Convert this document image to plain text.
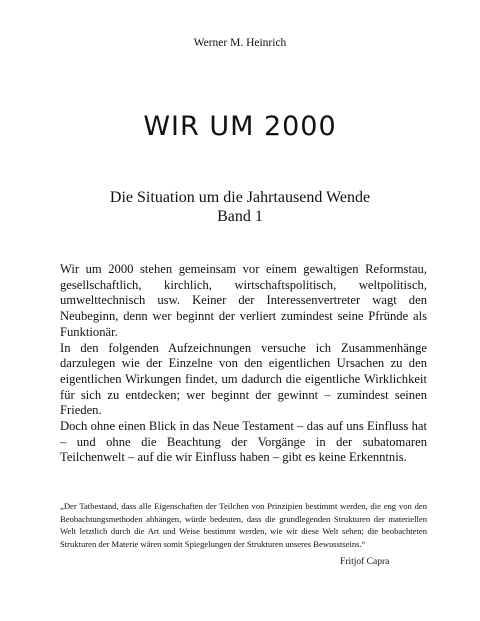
Werner M. Heinrich
WIR UM 2000
Die Situation um die Jahrtausend Wende
Band 1

Wir um 2000 stehen gemeinsam vor einem gewaltigen Reformstau, gesellschaftlich, kirchlich, wirtschaftspolitisch, weltpolitisch, umwelttechnisch usw. Keiner der Interessenvertreter wagt den Neubeginn, denn wer beginnt der verliert zumindest seine Pfründe als Funktionär.

In den folgenden Aufzeichnungen versuche ich Zusammenhänge darzulegen wie der Einzelne von den eigentlichen Ursachen zu den eigentlichen Wirkungen findet, um dadurch die eigentliche Wirklichkeit für sich zu entdecken; wer beginnt der gewinnt – zumindest seinen Frieden.

Doch ohne einen Blick in das Neue Testament – das auf uns Einfluss hat – und ohne die Beachtung der Vorgänge in der subatomaren Teilchenwelt – auf die wir Einfluss haben – gibt es keine Erkenntnis.

„Der Tatbestand, dass alle Eigenschaften der Teilchen von Prinzipien bestimmt werden, die eng von den Beobachtungsmethoden abhängen, würde bedeuten, dass die grundlegenden Strukturen der materiellen Welt letztlich durch die Art und Weise bestimmt werden, wie wir diese Welt sehen; die beobachteten Strukturen der Materie wären somit Spiegelungen der Strukturen unseres Bewusstseins.“
Fritjof Capra
